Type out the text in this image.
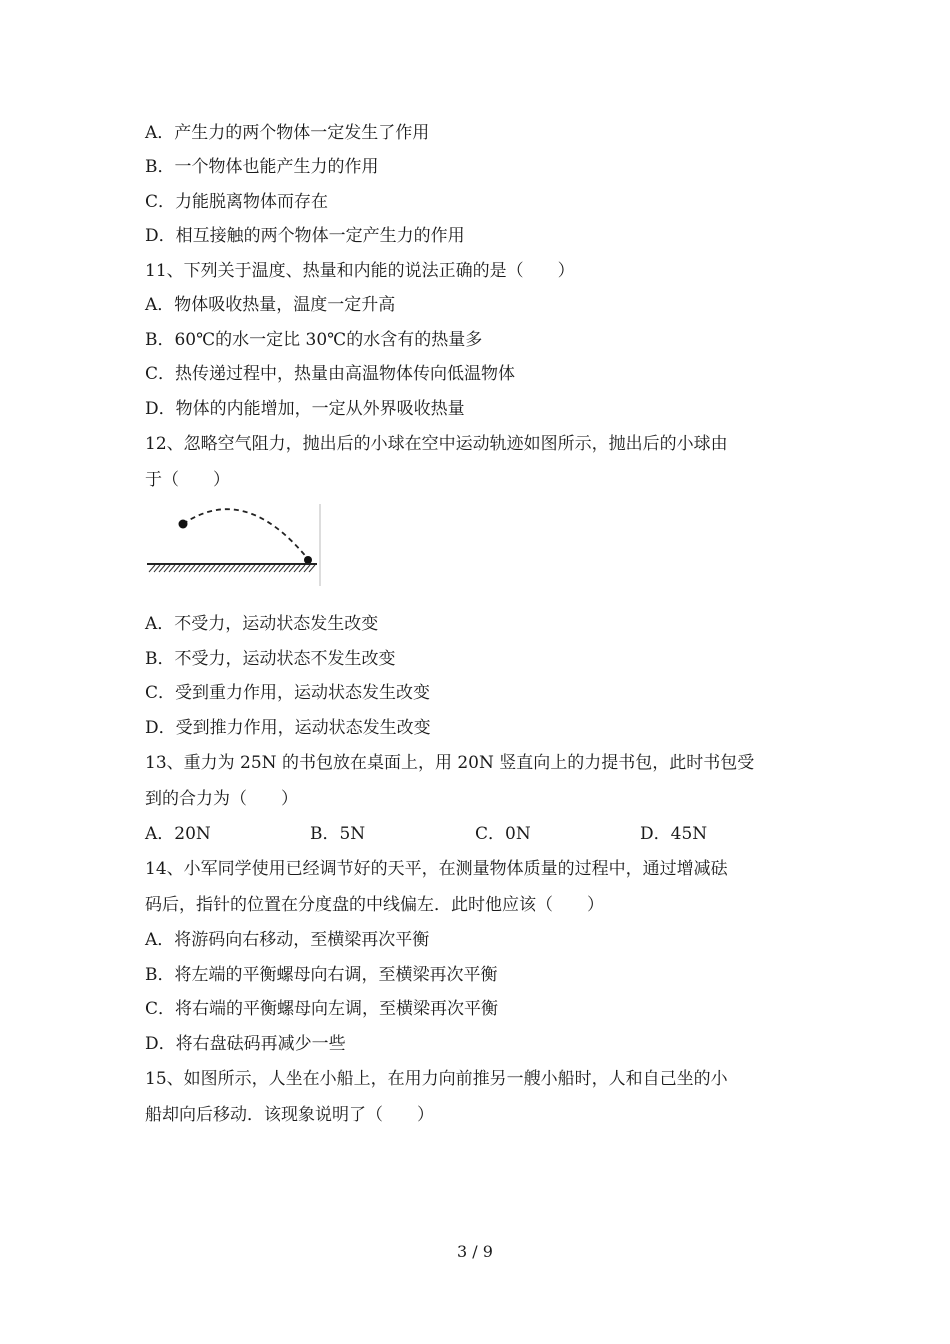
A．产生力的两个物体一定发生了作用
B．一个物体也能产生力的作用
C．力能脱离物体而存在
D．相互接触的两个物体一定产生力的作用
11、下列关于温度、热量和内能的说法正确的是（　　）
A．物体吸收热量，温度一定升高
B．60℃的水一定比 30℃的水含有的热量多
C．热传递过程中，热量由高温物体传向低温物体
D．物体的内能增加，一定从外界吸收热量
12、忽略空气阻力，抛出后的小球在空中运动轨迹如图所示，抛出后的小球由
于（　　）
A．不受力，运动状态发生改变
B．不受力，运动状态不发生改变
C．受到重力作用，运动状态发生改变
D．受到推力作用，运动状态发生改变
13、重力为 25N 的书包放在桌面上，用 20N 竖直向上的力提书包，此时书包受
到的合力为（　　）
A．20N	B．5N	C．0N	D．45N
14、小军同学使用已经调节好的天平，在测量物体质量的过程中，通过增减砝
码后，指针的位置在分度盘的中线偏左．此时他应该（　　）
A．将游码向右移动，至横梁再次平衡
B．将左端的平衡螺母向右调，至横梁再次平衡
C．将右端的平衡螺母向左调，至横梁再次平衡
D．将右盘砝码再减少一些
15、如图所示，人坐在小船上，在用力向前推另一艘小船时，人和自己坐的小
船却向后移动．该现象说明了（　　）
3 / 9
